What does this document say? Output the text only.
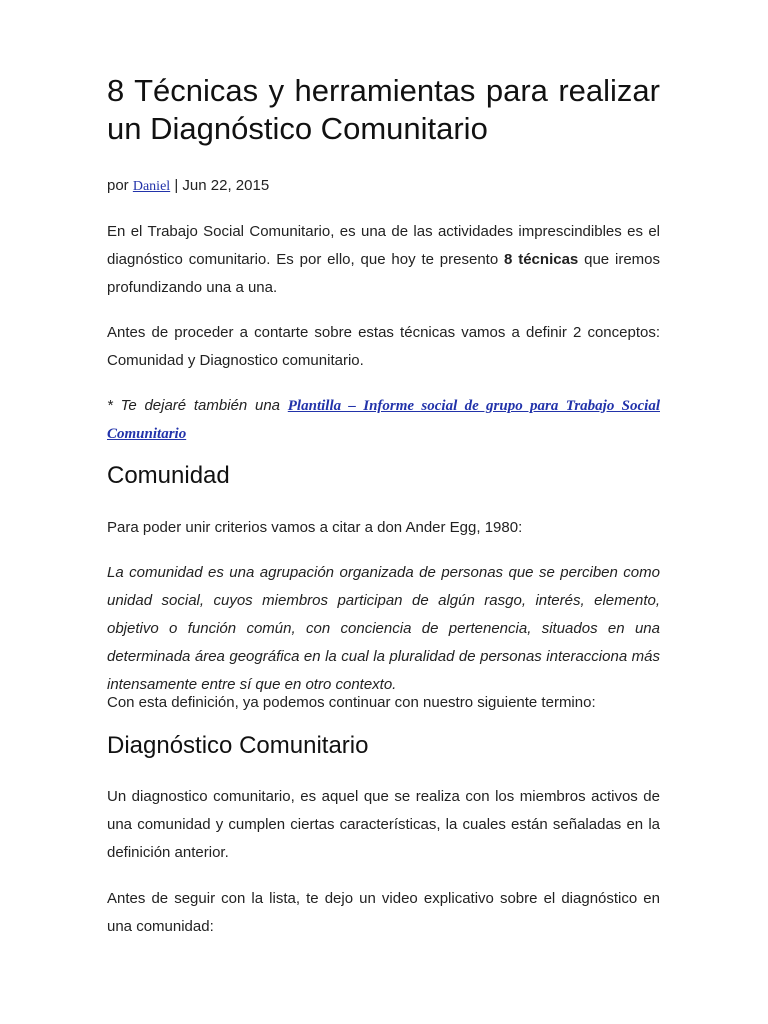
8 Técnicas y herramientas para realizar un Diagnóstico Comunitario

por Daniel | Jun 22, 2015

En el Trabajo Social Comunitario, es una de las actividades imprescindibles es el diagnóstico comunitario. Es por ello, que hoy te presento 8 técnicas que iremos profundizando una a una.

Antes de proceder a contarte sobre estas técnicas vamos a definir 2 conceptos: Comunidad y Diagnostico comunitario.

* Te dejaré también una Plantilla – Informe social de grupo para Trabajo Social Comunitario

Comunidad

Para poder unir criterios vamos a citar a don Ander Egg, 1980:

La comunidad es una agrupación organizada de personas que se perciben como unidad social, cuyos miembros participan de algún rasgo, interés, elemento, objetivo o función común, con conciencia de pertenencia, situados en una determinada área geográfica en la cual la pluralidad de personas interacciona más intensamente entre sí que en otro contexto.

Con esta definición, ya podemos continuar con nuestro siguiente termino:

Diagnóstico Comunitario

Un diagnostico comunitario, es aquel que se realiza con los miembros activos de una comunidad y cumplen ciertas características, la cuales están señaladas en la definición anterior.

Antes de seguir con la lista, te dejo un video explicativo sobre el diagnóstico en una comunidad:
